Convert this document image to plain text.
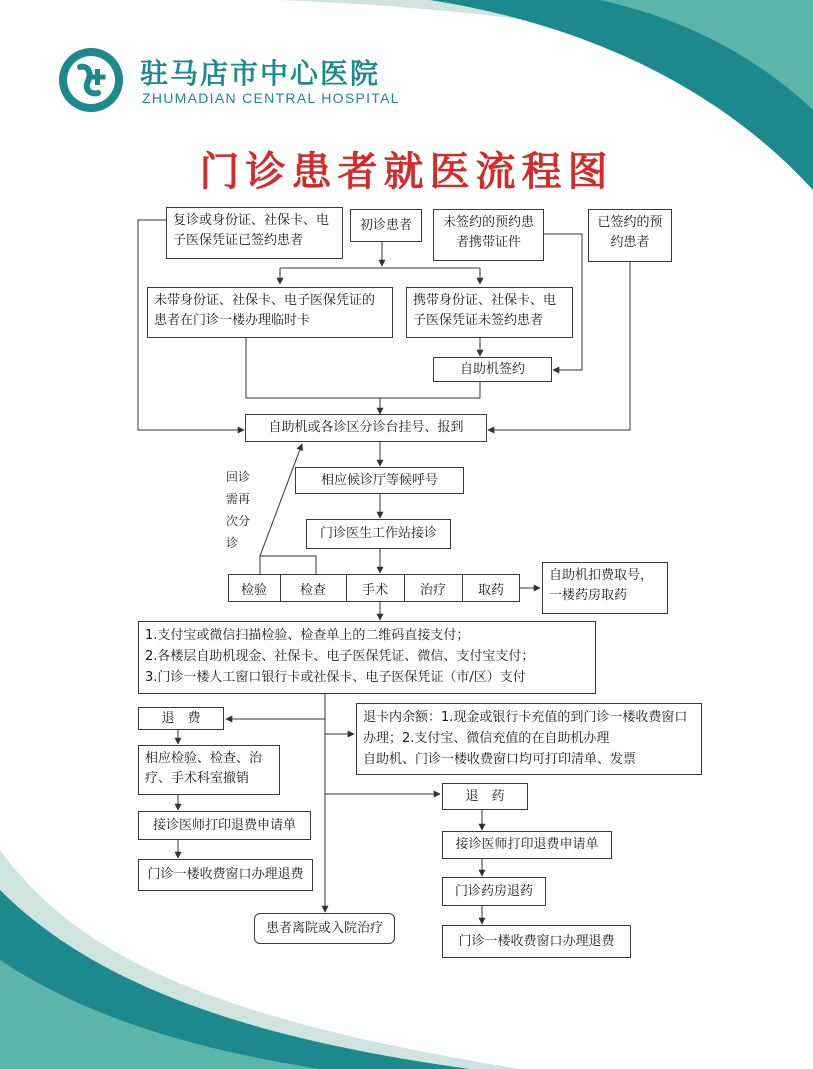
驻马店市中心医院
ZHUMADIAN CENTRAL HOSPITAL
门诊患者就医流程图
复诊或身份证、社保卡、电子医保凭证已签约患者
初诊患者	未签约的预约患者携带证件
已签约的预约患者
未带身份证、社保卡、电子医保凭证的患者在门诊一楼办理临时卡
携带身份证、社保卡、电子医保凭证未签约患者
自助机签约
自助机或各诊区分诊台挂号、报到
相应候诊厅等候呼号
门诊医生工作站接诊
回诊需再次分诊
检验	检查	手术	治疗	取药
自助机扣费取号，一楼药房取药
1.支付宝或微信扫描检验、检查单上的二维码直接支付；
2.各楼层自助机现金、社保卡、电子医保凭证、微信、支付宝支付；
3.门诊一楼人工窗口银行卡或社保卡、电子医保凭证（市/区）支付
退　费
相应检验、检查、治疗、手术科室撤销
接诊医师打印退费申请单
门诊一楼收费窗口办理退费
退卡内余额：1.现金或银行卡充值的到门诊一楼收费窗口办理；2.支付宝、微信充值的在自助机办理
自助机、门诊一楼收费窗口均可打印清单、发票
退　药
接诊医师打印退费申请单
门诊药房退药
门诊一楼收费窗口办理退费
患者离院或入院治疗
